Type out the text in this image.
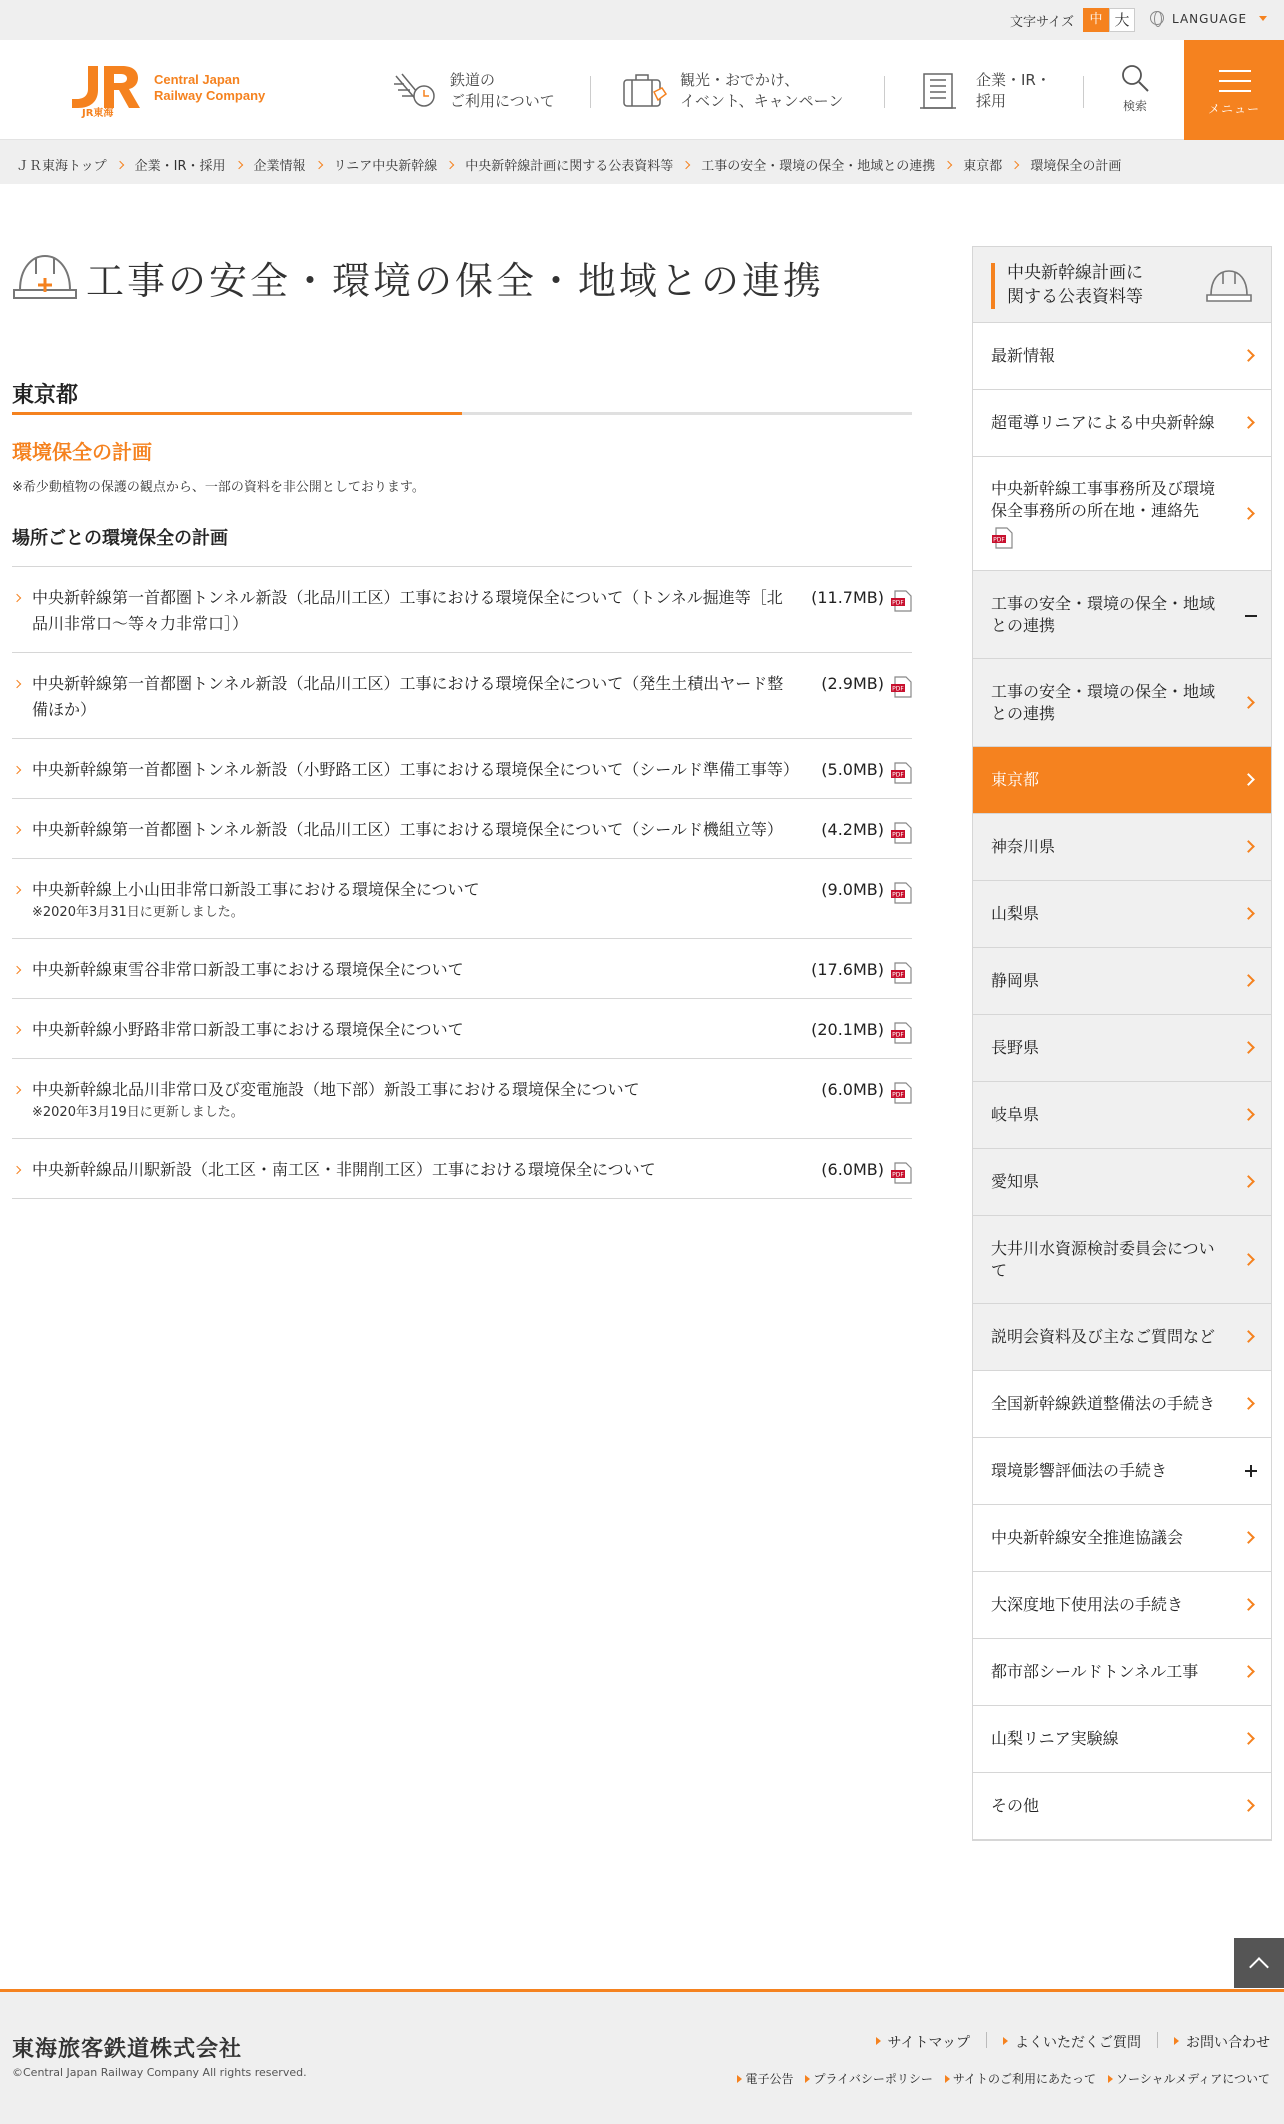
文字サイズ	中 大	LANGUAGE
Central Japan
Railway Company
JR東海
鉄道の
ご利用について
観光・おでかけ、
イベント、キャンペーン
企業・IR・
採用	検索	メニュー
ＪＲ東海トップ 企業・IR・採用 企業情報 リニア中央新幹線 中央新幹線計画に関する公表資料等 工事の安全・環境の保全・地域との連携 東京都 環境保全の計画
工事の安全・環境の保全・地域との連携
東京都
環境保全の計画

※希少動植物の保護の観点から、一部の資料を非公開としております。

場所ごとの環境保全の計画
中央新幹線第一首都圏トンネル新設（北品川工区）工事における環境保全について（トンネル掘進等［北品川非常口～等々力非常口］）
(11.7MB) PDF
中央新幹線第一首都圏トンネル新設（北品川工区）工事における環境保全について（発生土積出ヤード整備ほか）
(2.9MB) PDF
中央新幹線第一首都圏トンネル新設（小野路工区）工事における環境保全について（シールド準備工事等） (5.0MB) PDF
中央新幹線第一首都圏トンネル新設（北品川工区）工事における環境保全について（シールド機組立等）	(4.2MB) PDF
中央新幹線上小山田非常口新設工事における環境保全について
※2020年3月31日に更新しました。
(9.0MB) PDF
中央新幹線東雪谷非常口新設工事における環境保全について	(17.6MB) PDF
中央新幹線小野路非常口新設工事における環境保全について	(20.1MB) PDF
中央新幹線北品川非常口及び変電施設（地下部）新設工事における環境保全について
※2020年3月19日に更新しました。
(6.0MB) PDF
中央新幹線品川駅新設（北工区・南工区・非開削工区）工事における環境保全について	(6.0MB) PDF
中央新幹線計画に
関する公表資料等
最新情報
超電導リニアによる中央新幹線
中央新幹線工事事務所及び環境保全事務所の所在地・連絡先
PDF
工事の安全・環境の保全・地域との連携
工事の安全・環境の保全・地域との連携
東京都
神奈川県
山梨県
静岡県
長野県
岐阜県
愛知県
大井川水資源検討委員会について
説明会資料及び主なご質問など
全国新幹線鉄道整備法の手続き
環境影響評価法の手続き
中央新幹線安全推進協議会
大深度地下使用法の手続き
都市部シールドトンネル工事
山梨リニア実験線
その他
東海旅客鉄道株式会社
©Central Japan Railway Company All rights reserved.
サイトマップ	よくいただくご質問	お問い合わせ
電子公告	プライバシーポリシー	サイトのご利用にあたって	ソーシャルメディアについて
